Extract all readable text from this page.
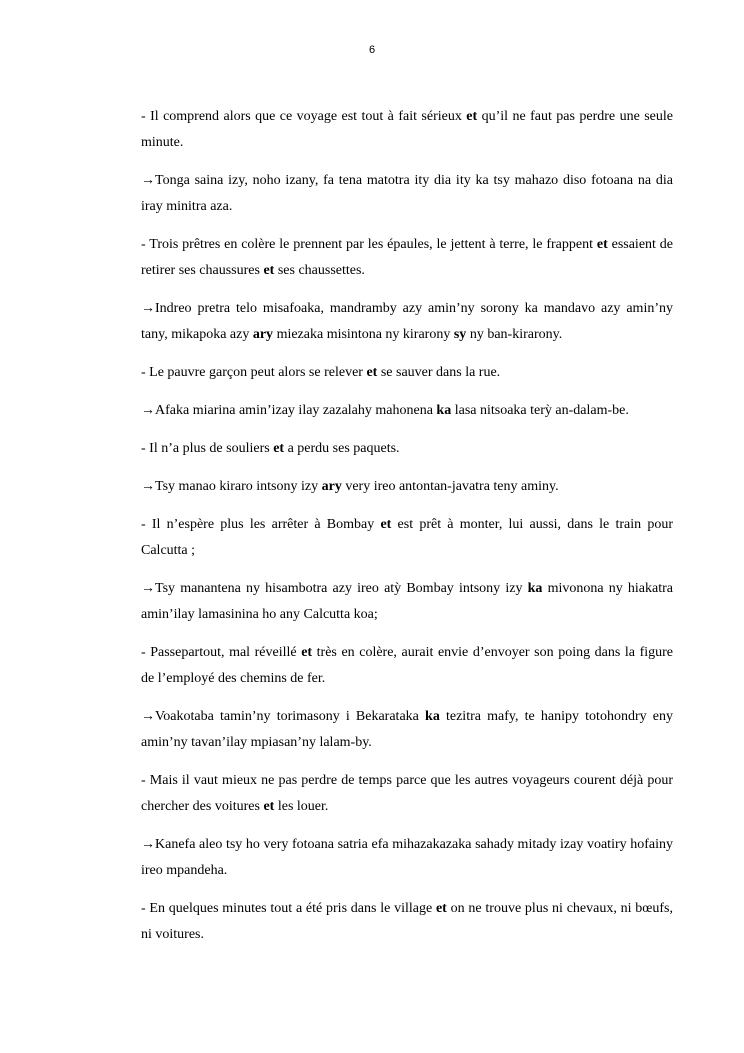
6

- Il comprend alors que ce voyage est tout à fait sérieux et qu’il ne faut pas perdre une seule minute.

→Tonga saina izy, noho izany, fa tena matotra ity dia ity ka tsy mahazo diso fotoana na dia iray minitra aza.

- Trois prêtres en colère le prennent par les épaules, le jettent à terre, le frappent et essaient de retirer ses chaussures et ses chaussettes.

→Indreo pretra telo misafoaka, mandramby azy amin’ny sorony ka mandavo azy amin’ny tany, mikapoka azy ary miezaka misintona ny kirarony sy ny ban-kirarony.

- Le pauvre garçon peut alors se relever et se sauver dans la rue.

→Afaka miarina amin’izay ilay zazalahy mahonena ka lasa nitsoaka terỳ an-dalam-be.

- Il n’a plus de souliers et a perdu ses paquets.

→Tsy manao kiraro intsony izy ary very ireo antontan-javatra teny aminy.

- Il n’espère plus les arrêter à Bombay et est prêt à monter, lui aussi, dans le train pour Calcutta ;

→Tsy manantena ny hisambotra azy ireo atỳ Bombay intsony izy ka mivonona ny hiakatra amin’ilay lamasinina ho any Calcutta koa;

- Passepartout, mal réveillé et très en colère, aurait envie d’envoyer son poing dans la figure de l’employé des chemins de fer.

→Voakotaba tamin’ny torimasony i Bekarataka ka tezitra mafy, te hanipy totohondry eny amin’ny tavan’ilay mpiasan’ny lalam-by.

- Mais il vaut mieux ne pas perdre de temps parce que les autres voyageurs courent déjà pour chercher des voitures et les louer.

→Kanefa aleo tsy ho very fotoana satria efa mihazakazaka sahady mitady izay voatiry hofainy ireo mpandeha.

- En quelques minutes tout a été pris dans le village et on ne trouve plus ni chevaux, ni bœufs, ni voitures.
